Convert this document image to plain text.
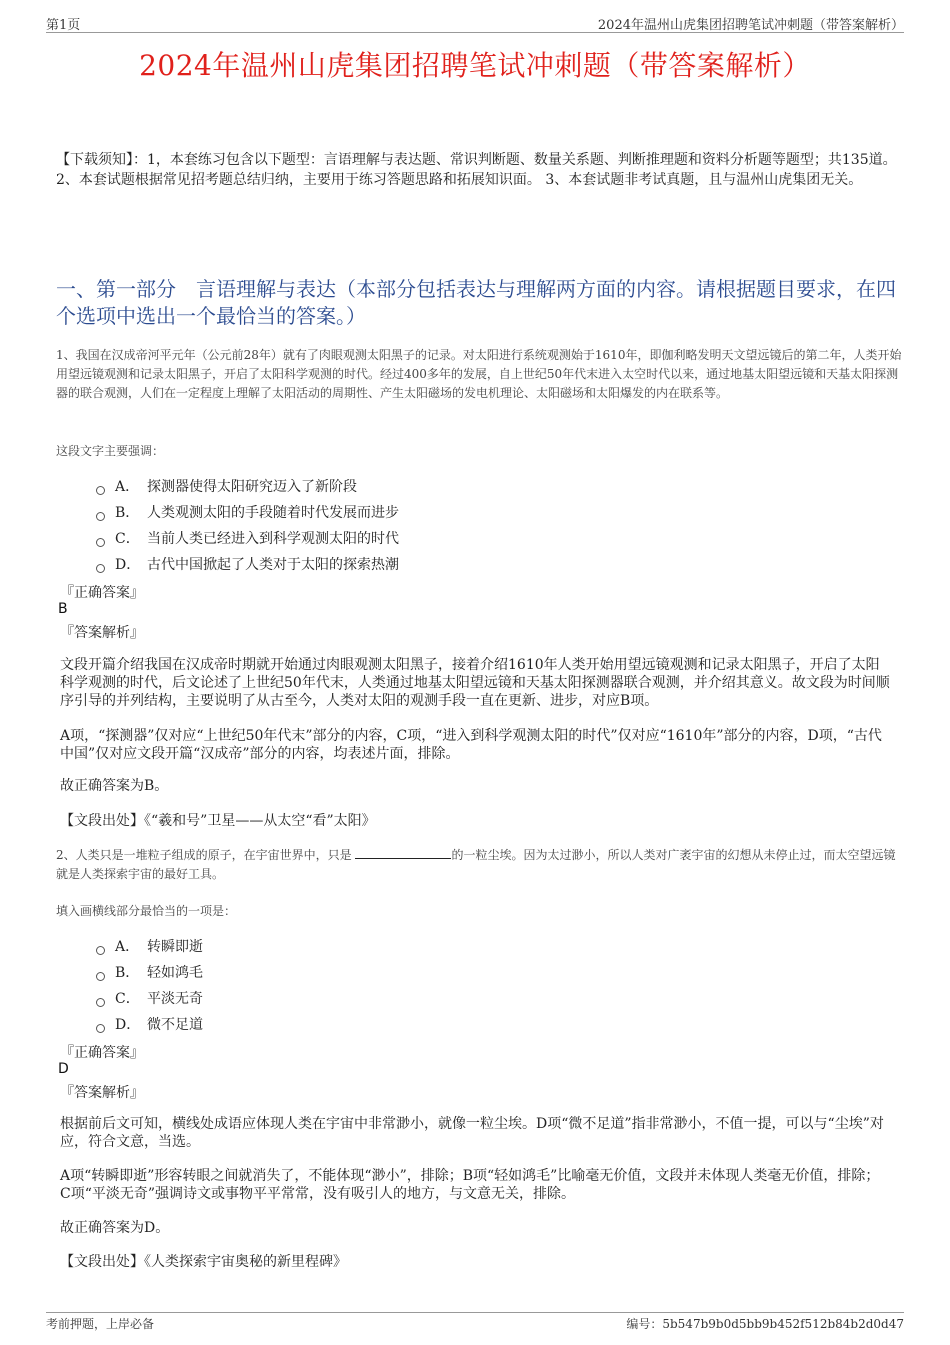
第1页	2024年温州山虎集团招聘笔试冲刺题（带答案解析）
2024年温州山虎集团招聘笔试冲刺题（带答案解析）
【下载须知】：1，本套练习包含以下题型：言语理解与表达题、常识判断题、数量关系题、判断推理题和资料分析题等题型；共135道。 2、本套试题根据常见招考题总结归纳，主要用于练习答题思路和拓展知识面。 3、本套试题非考试真题，且与温州山虎集团无关。
一、第一部分　言语理解与表达（本部分包括表达与理解两方面的内容。请根据题目要求，在四个选项中选出一个最恰当的答案。）
1、我国在汉成帝河平元年（公元前28年）就有了肉眼观测太阳黑子的记录。对太阳进行系统观测始于1610年，即伽利略发明天文望远镜后的第二年，人类开始用望远镜观测和记录太阳黑子，开启了太阳科学观测的时代。经过400多年的发展，自上世纪50年代末进入太空时代以来，通过地基太阳望远镜和天基太阳探测器的联合观测，人们在一定程度上理解了太阳活动的周期性、产生太阳磁场的发电机理论、太阳磁场和太阳爆发的内在联系等。
这段文字主要强调：
A． 探测器使得太阳研究迈入了新阶段
B． 人类观测太阳的手段随着时代发展而进步
C． 当前人类已经进入到科学观测太阳的时代
D． 古代中国掀起了人类对于太阳的探索热潮
『正确答案』
B
『答案解析』
文段开篇介绍我国在汉成帝时期就开始通过肉眼观测太阳黑子，接着介绍1610年人类开始用望远镜观测和记录太阳黑子，开启了太阳科学观测的时代，后文论述了上世纪50年代末，人类通过地基太阳望远镜和天基太阳探测器联合观测，并介绍其意义。故文段为时间顺序引导的并列结构，主要说明了从古至今，人类对太阳的观测手段一直在更新、进步，对应B项。
A项，“探测器”仅对应“上世纪50年代末”部分的内容，C项，“进入到科学观测太阳的时代”仅对应“1610年”部分的内容，D项，“古代中国”仅对应文段开篇“汉成帝”部分的内容，均表述片面，排除。
故正确答案为B。
【文段出处】《“羲和号”卫星——从太空“看”太阳》
2、人类只是一堆粒子组成的原子，在宇宙世界中，只是	的一粒尘埃。因为太过渺小，所以人类对广袤宇宙的幻想从未停止过，而太空望远镜就是人类探索宇宙的最好工具。
填入画横线部分最恰当的一项是：
A． 转瞬即逝
B． 轻如鸿毛
C． 平淡无奇
D． 微不足道
『正确答案』
D
『答案解析』
根据前后文可知，横线处成语应体现人类在宇宙中非常渺小，就像一粒尘埃。D项“微不足道”指非常渺小，不值一提，可以与“尘埃”对应，符合文意，当选。
A项“转瞬即逝”形容转眼之间就消失了，不能体现“渺小”，排除；B项“轻如鸿毛”比喻毫无价值，文段并未体现人类毫无价值，排除；C项“平淡无奇”强调诗文或事物平平常常，没有吸引人的地方，与文意无关，排除。
故正确答案为D。
【文段出处】《人类探索宇宙奥秘的新里程碑》
考前押题，上岸必备	编号：5b547b9b0d5bb9b452f512b84b2d0d47
